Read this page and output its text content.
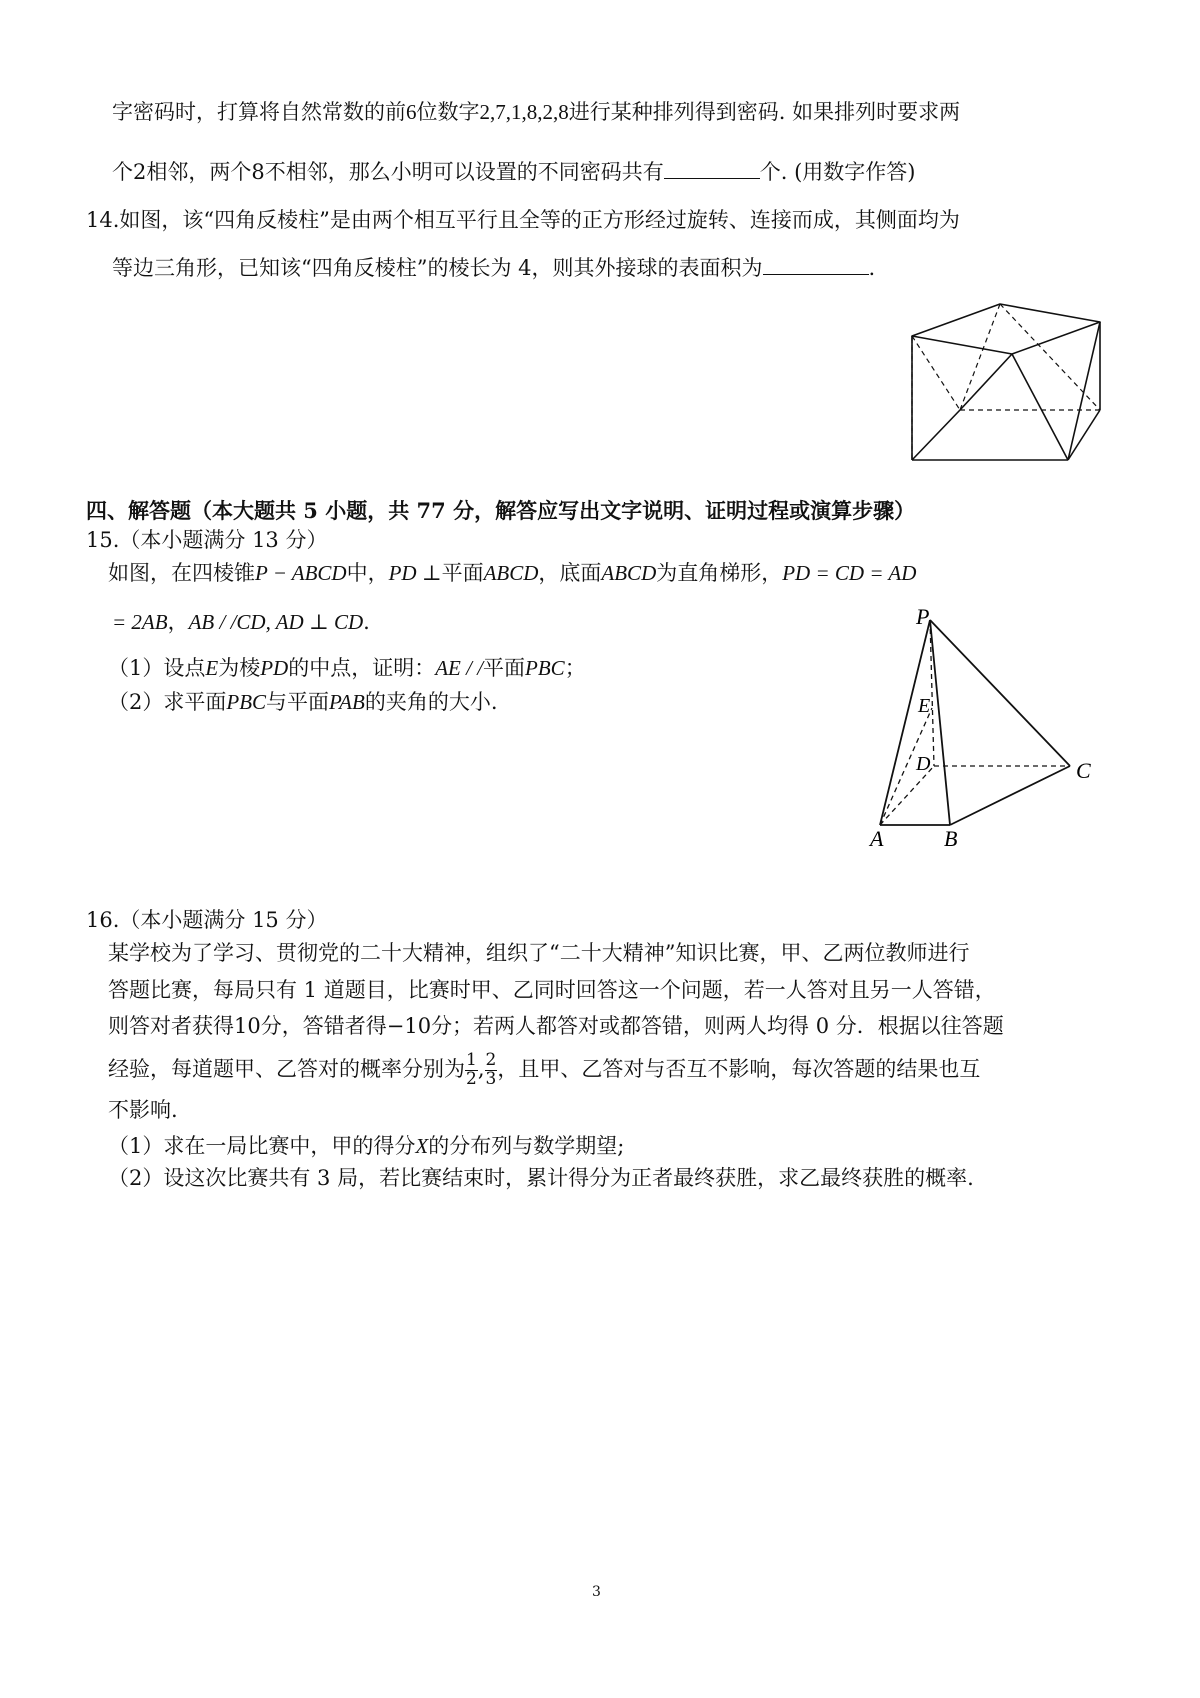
字密码时，打算将自然常数的前6位数字2,7,1,8,2,8进行某种排列得到密码. 如果排列时要求两
个2相邻，两个8不相邻，那么小明可以设置的不同密码共有	个. (用数字作答)
14.如图，该“四角反棱柱”是由两个相互平行且全等的正方形经过旋转、连接而成，其侧面均为
等边三角形，已知该“四角反棱柱”的棱长为 4，则其外接球的表面积为	.
四、解答题（本大题共 5 小题，共 77 分，解答应写出文字说明、证明过程或演算步骤）
15.（本小题满分 13 分）
如图，在四棱锥P − ABCD中，PD ⊥平面ABCD，底面ABCD为直角梯形，PD = CD = AD
= 2AB，AB / /CD, AD ⊥ CD.
（1）设点E为棱PD的中点，证明：AE / /平面PBC；
（2）求平面PBC与平面PAB的夹角的大小.
P
E
D	C
A	B
16.（本小题满分 15 分）
某学校为了学习、贯彻党的二十大精神，组织了“二十大精神”知识比赛，甲、乙两位教师进行
答题比赛，每局只有 1 道题目，比赛时甲、乙同时回答这一个问题，若一人答对且另一人答错，
则答对者获得10分，答错者得−10分；若两人都答对或都答错，则两人均得 0 分．根据以往答题
经验，每道题甲、乙答对的概率分别为 $\frac{1}{2}$ , $\frac{2}{3}$ ，且甲、乙答对与否互不影响，每次答题的结果也互
不影响.
（1）求在一局比赛中，甲的得分X的分布列与数学期望;
（2）设这次比赛共有 3 局，若比赛结束时，累计得分为正者最终获胜，求乙最终获胜的概率.
3
